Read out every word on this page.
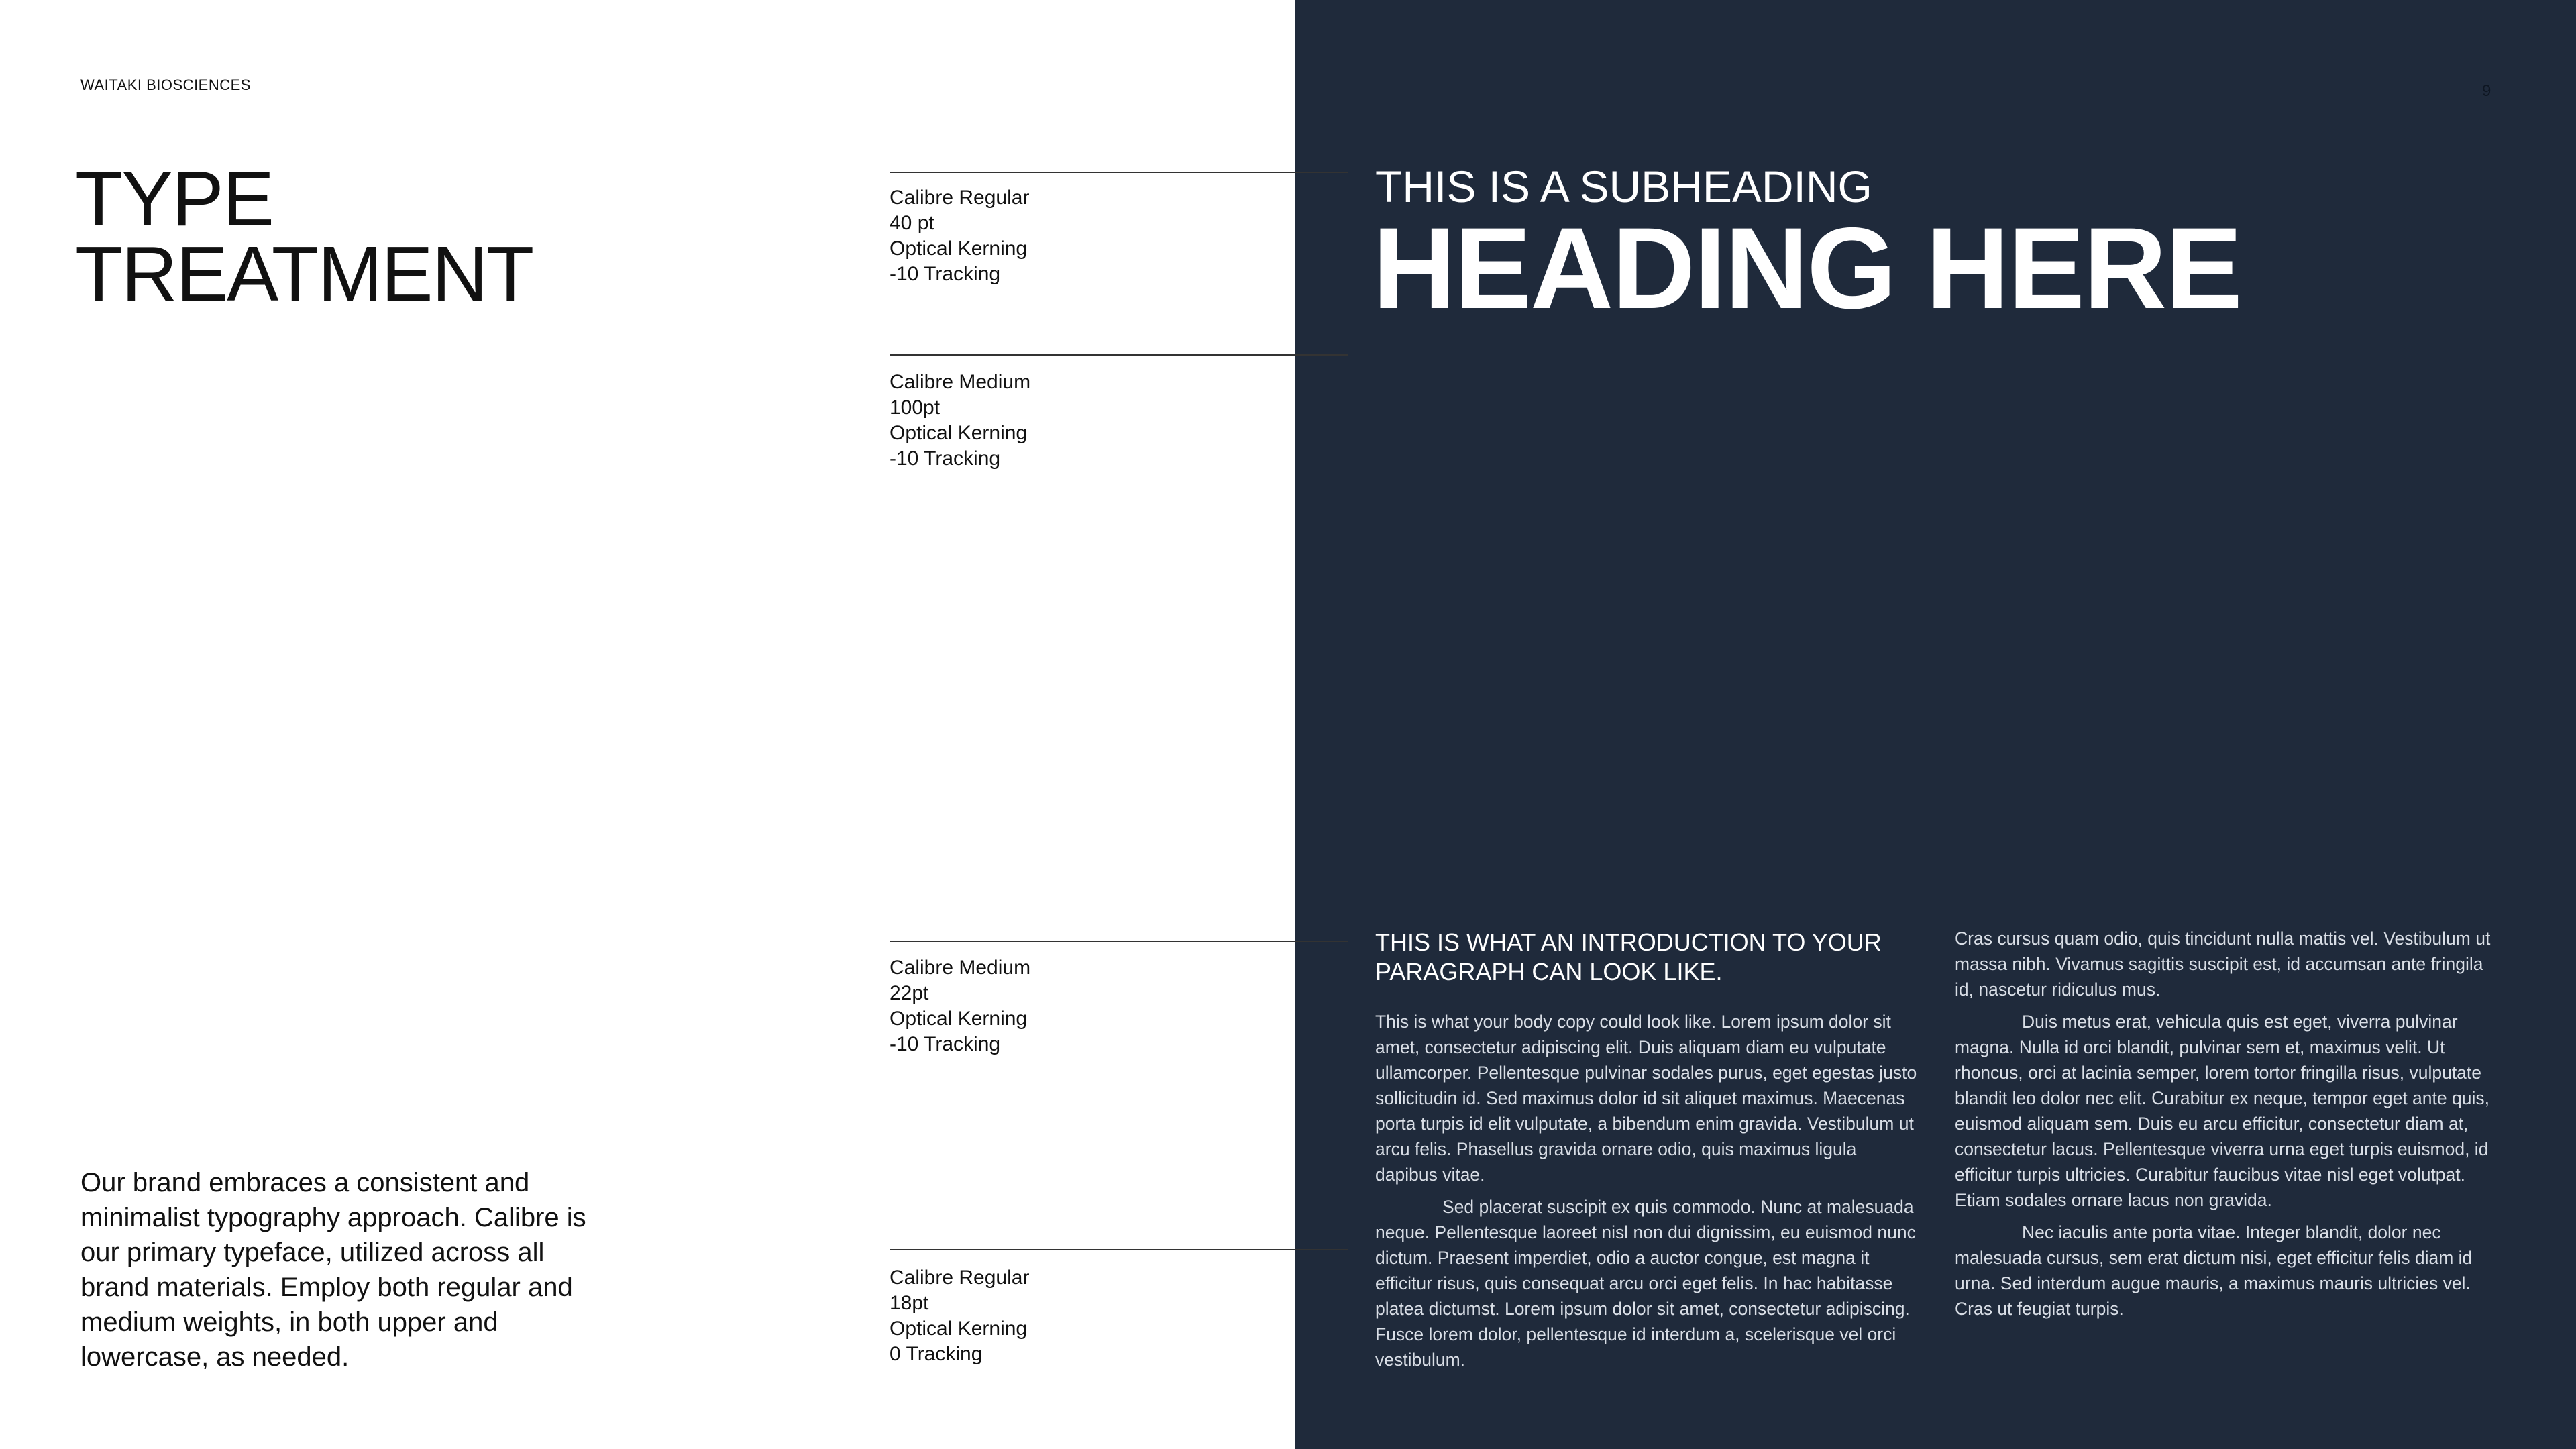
WAITAKI BIOSCIENCES	9
TYPE
TREATMENT
Calibre Regular
40 pt
Optical Kerning
-10 Tracking
Calibre Medium
100pt
Optical Kerning
-10 Tracking
Calibre Medium
22pt
Optical Kerning
-10 Tracking
Calibre Regular
18pt
Optical Kerning
0 Tracking
THIS IS A SUBHEADING
HEADING HERE
THIS IS WHAT AN INTRODUCTION TO YOUR PARAGRAPH CAN LOOK LIKE.

This is what your body copy could look like. Lorem ipsum dolor sit amet, consectetur adipiscing elit. Duis aliquam diam eu vulputate ullamcorper. Pellentesque pulvinar sodales purus, eget egestas justo sollicitudin id. Sed maximus dolor id sit aliquet maximus. Maecenas porta turpis id elit vulputate, a bibendum enim gravida. Vestibulum ut arcu felis. Phasellus gravida ornare odio, quis maximus ligula dapibus vitae.

Sed placerat suscipit ex quis commodo. Nunc at malesuada neque. Pellentesque laoreet nisl non dui dignissim, eu euismod nunc dictum. Praesent imperdiet, odio a auctor congue, est magna it efficitur risus, quis consequat arcu orci eget felis. In hac habitasse platea dictumst. Lorem ipsum dolor sit amet, consectetur adipiscing. Fusce lorem dolor, pellentesque id interdum a, scelerisque vel orci vestibulum.

Cras cursus quam odio, quis tincidunt nulla mattis vel. Vestibulum ut massa nibh. Vivamus sagittis suscipit est, id accumsan ante fringila id, nascetur ridiculus mus.

Duis metus erat, vehicula quis est eget, viverra pulvinar magna. Nulla id orci blandit, pulvinar sem et, maximus velit. Ut rhoncus, orci at lacinia semper, lorem tortor fringilla risus, vulputate blandit leo dolor nec elit. Curabitur ex neque, tempor eget ante quis, euismod aliquam sem. Duis eu arcu efficitur, consectetur diam at, consectetur lacus. Pellentesque viverra urna eget turpis euismod, id efficitur turpis ultricies. Curabitur faucibus vitae nisl eget volutpat. Etiam sodales ornare lacus non gravida.

Nec iaculis ante porta vitae. Integer blandit, dolor nec malesuada cursus, sem erat dictum nisi, eget efficitur felis diam id urna. Sed interdum augue mauris, a maximus mauris ultricies vel. Cras ut feugiat turpis.

Our brand embraces a consistent and minimalist typography approach. Calibre is our primary typeface, utilized across all brand materials. Employ both regular and medium weights, in both upper and lowercase, as needed.
